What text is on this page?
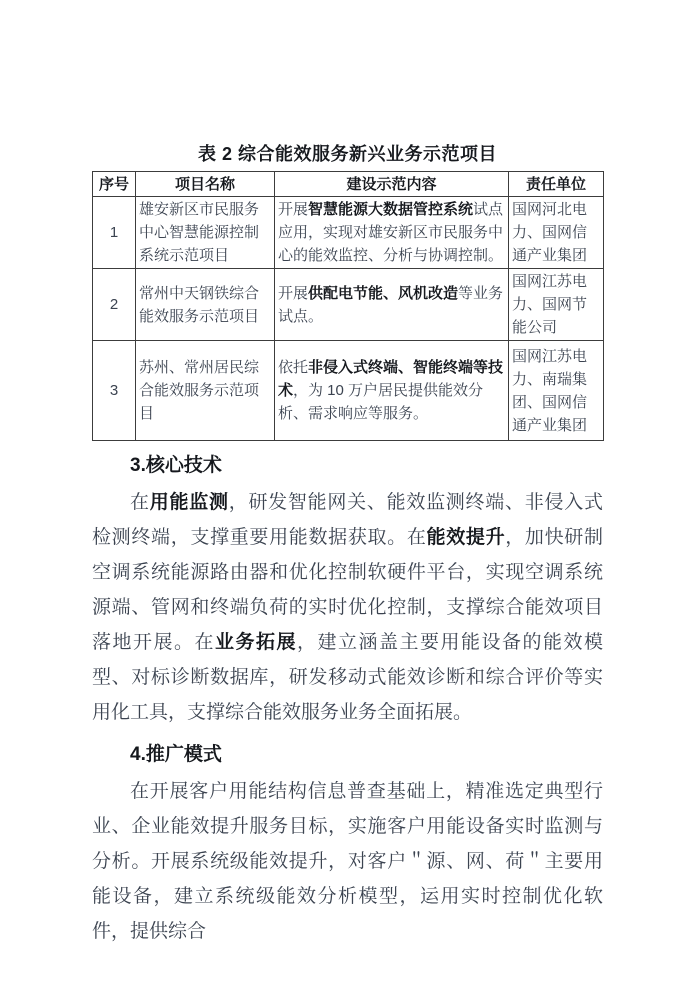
表 2 综合能效服务新兴业务示范项目
序号	项目名称	建设示范内容	责任单位
1	雄安新区市民服务中心智慧能源控制系统示范项目	开展智慧能源大数据管控系统试点应用，实现对雄安新区市民服务中心的能效监控、分析与协调控制。	国网河北电力、国网信通产业集团
2	常州中天钢铁综合能效服务示范项目	开展供配电节能、风机改造等业务试点。	国网江苏电力、国网节能公司
3	苏州、常州居民综合能效服务示范项目	依托非侵入式终端、智能终端等技术，为 10 万户居民提供能效分析、需求响应等服务。	国网江苏电力、南瑞集团、国网信通产业集团
3.核心技术

在用能监测，研发智能网关、能效监测终端、非侵入式检测终端，支撑重要用能数据获取。在能效提升，加快研制空调系统能源路由器和优化控制软硬件平台，实现空调系统源端、管网和终端负荷的实时优化控制，支撑综合能效项目落地开展。在业务拓展，建立涵盖主要用能设备的能效模型、对标诊断数据库，研发移动式能效诊断和综合评价等实用化工具，支撑综合能效服务业务全面拓展。

4.推广模式

在开展客户用能结构信息普查基础上，精准选定典型行业、企业能效提升服务目标，实施客户用能设备实时监测与分析。开展系统级能效提升，对客户＂源、网、荷＂主要用能设备，建立系统级能效分析模型，运用实时控制优化软件，提供综合
